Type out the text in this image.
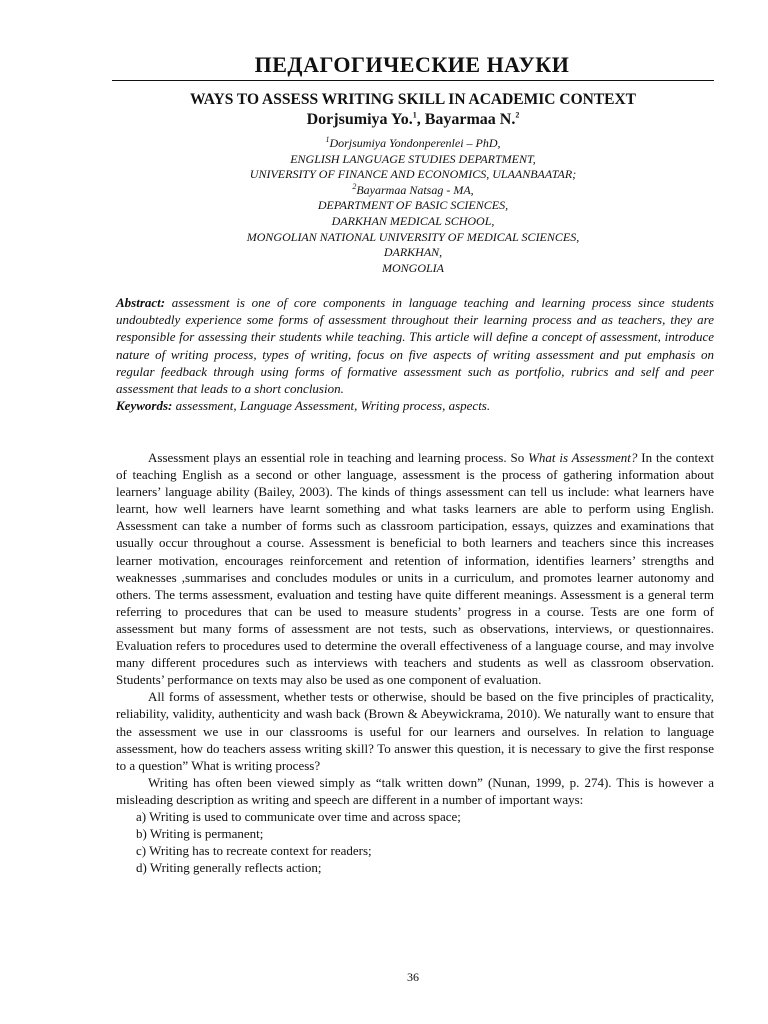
ПЕДАГОГИЧЕСКИЕ НАУКИ
WAYS TO ASSESS WRITING SKILL IN ACADEMIC CONTEXT
Dorjsumiya Yo.$^1$, Bayarmaa N.$^2$
$^1$Dorjsumiya Yondonperenlei – PhD,
ENGLISH LANGUAGE STUDIES DEPARTMENT,
UNIVERSITY OF FINANCE AND ECONOMICS, ULAANBAATAR;
$^2$Bayarmaa Natsag - MA,
DEPARTMENT OF BASIC SCIENCES,
DARKHAN MEDICAL SCHOOL,
MONGOLIAN NATIONAL UNIVERSITY OF MEDICAL SCIENCES,
DARKHAN,
MONGOLIA

Abstract: assessment is one of core components in language teaching and learning process since students undoubtedly experience some forms of assessment throughout their learning process and as teachers, they are responsible for assessing their students while teaching. This article will define a concept of assessment, introduce nature of writing process, types of writing, focus on five aspects of writing assessment and put emphasis on regular feedback through using forms of formative assessment such as portfolio, rubrics and self and peer assessment that leads to a short conclusion.

Keywords: assessment, Language Assessment, Writing process, aspects.

Assessment plays an essential role in teaching and learning process. So What is Assessment? In the context of teaching English as a second or other language, assessment is the process of gathering information about learners’ language ability (Bailey, 2003). The kinds of things assessment can tell us include: what learners have learnt, how well learners have learnt something and what tasks learners are able to perform using English. Assessment can take a number of forms such as classroom participation, essays, quizzes and examinations that usually occur throughout a course. Assessment is beneficial to both learners and teachers since this increases learner motivation, encourages reinforcement and retention of information, identifies learners’ strengths and weaknesses ,summarises and concludes modules or units in a curriculum, and promotes learner autonomy and others. The terms assessment, evaluation and testing have quite different meanings. Assessment is a general term referring to procedures that can be used to measure students’ progress in a course. Tests are one form of assessment but many forms of assessment are not tests, such as observations, interviews, or questionnaires. Evaluation refers to procedures used to determine the overall effectiveness of a language course, and may involve many different procedures such as interviews with teachers and students as well as classroom observation. Students’ performance on texts may also be used as one component of evaluation.

All forms of assessment, whether tests or otherwise, should be based on the five principles of practicality, reliability, validity, authenticity and wash back (Brown & Abeywickrama, 2010). We naturally want to ensure that the assessment we use in our classrooms is useful for our learners and ourselves. In relation to language assessment, how do teachers assess writing skill? To answer this question, it is necessary to give the first response to a question” What is writing process?

Writing has often been viewed simply as “talk written down” (Nunan, 1999, p. 274). This is however a misleading description as writing and speech are different in a number of important ways:

a) Writing is used to communicate over time and across space;
b) Writing is permanent;
c) Writing has to recreate context for readers;
d) Writing generally reflects action;
36
